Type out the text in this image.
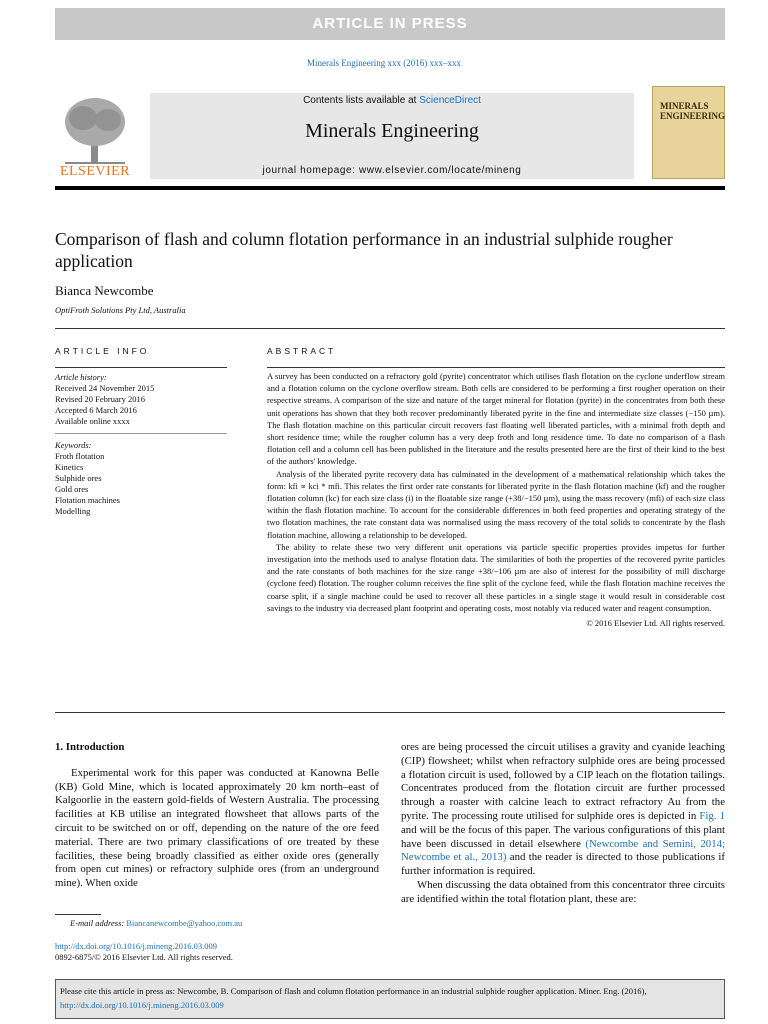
ARTICLE IN PRESS
Minerals Engineering xxx (2016) xxx–xxx
ELSEVIER
Contents lists available at ScienceDirect
Minerals Engineering
journal homepage: www.elsevier.com/locate/mineng
MINERALS ENGINEERING
Comparison of flash and column flotation performance in an industrial sulphide rougher application
Bianca Newcombe
OptiFroth Solutions Pty Ltd, Australia
ARTICLE INFO
Article history:
Received 24 November 2015
Revised 20 February 2016
Accepted 6 March 2016
Available online xxxx
Keywords:
Froth flotation
Kinetics
Sulphide ores
Gold ores
Flotation machines
Modelling
ABSTRACT

A survey has been conducted on a refractory gold (pyrite) concentrator which utilises flash flotation on the cyclone underflow stream and a flotation column on the cyclone overflow stream. Both cells are considered to be performing a first rougher operation on their respective streams. A comparison of the size and nature of the target mineral for flotation (pyrite) in the concentrates from both these unit operations has shown that they both recover predominantly liberated pyrite in the fine and intermediate size classes (−150 µm). The flash flotation machine on this particular circuit recovers fast floating well liberated particles, with a minimal froth depth and short residence time; while the rougher column has a very deep froth and long residence time. To date no comparison of a flash flotation cell and a column cell has been published in the literature and the results presented here are the first of their kind to the best of the authors' knowledge.

Analysis of the liberated pyrite recovery data has culminated in the development of a mathematical relationship which takes the form: kfi ∝ kci * mfi. This relates the first order rate constants for liberated pyrite in the flash flotation machine (kf) and the rougher flotation column (kc) for each size class (i) in the floatable size range (+38/−150 µm), using the mass recovery (mfi) of each size class within the flash flotation machine. To account for the considerable differences in both feed properties and operating strategy of the two flotation machines, the rate constant data was normalised using the mass recovery of the total solids to concentrate by the flash flotation machine, allowing a relationship to be developed.

The ability to relate these two very different unit operations via particle specific properties provides impetus for further investigation into the methods used to analyse flotation data. The similarities of both the properties of the recovered pyrite particles and the rate constants of both machines for the size range +38/−106 µm are also of interest for the possibility of mill discharge (cyclone feed) flotation. The rougher column receives the fine split of the cyclone feed, while the flash flotation machine receives the coarse split, if a single machine could be used to recover all these particles in a single stage it would result in considerable cost savings to the industry via decreased plant footprint and operating costs, most notably via reduced water and reagent consumption.

© 2016 Elsevier Ltd. All rights reserved.
1. Introduction

Experimental work for this paper was conducted at Kanowna Belle (KB) Gold Mine, which is located approximately 20 km north–east of Kalgoorlie in the eastern gold-fields of Western Australia. The processing facilities at KB utilise an integrated flowsheet that allows parts of the circuit to be switched on or off, depending on the nature of the ore feed material. There are two primary classifications of ore treated by these facilities, these being broadly classified as either oxide ores (generally from open cut mines) or refractory sulphide ores (from an underground mine). When oxide

ores are being processed the circuit utilises a gravity and cyanide leaching (CIP) flowsheet; whilst when refractory sulphide ores are being processed a flotation circuit is used, followed by a CIP leach on the flotation tailings. Concentrates produced from the flotation circuit are further processed through a roaster with calcine leach to extract refractory Au from the pyrite. The processing route utilised for sulphide ores is depicted in Fig. 1 and will be the focus of this paper. The various configurations of this plant have been discussed in detail elsewhere (Newcombe and Semini, 2014; Newcombe et al., 2013) and the reader is directed to those publications if further information is required.

When discussing the data obtained from this concentrator three circuits are identified within the total flotation plant, these are:

E-mail address: Biancanewcombe@yahoo.com.au
http://dx.doi.org/10.1016/j.mineng.2016.03.009
0892-6875/© 2016 Elsevier Ltd. All rights reserved.
Please cite this article in press as: Newcombe, B. Comparison of flash and column flotation performance in an industrial sulphide rougher application. Miner. Eng. (2016), http://dx.doi.org/10.1016/j.mineng.2016.03.009
